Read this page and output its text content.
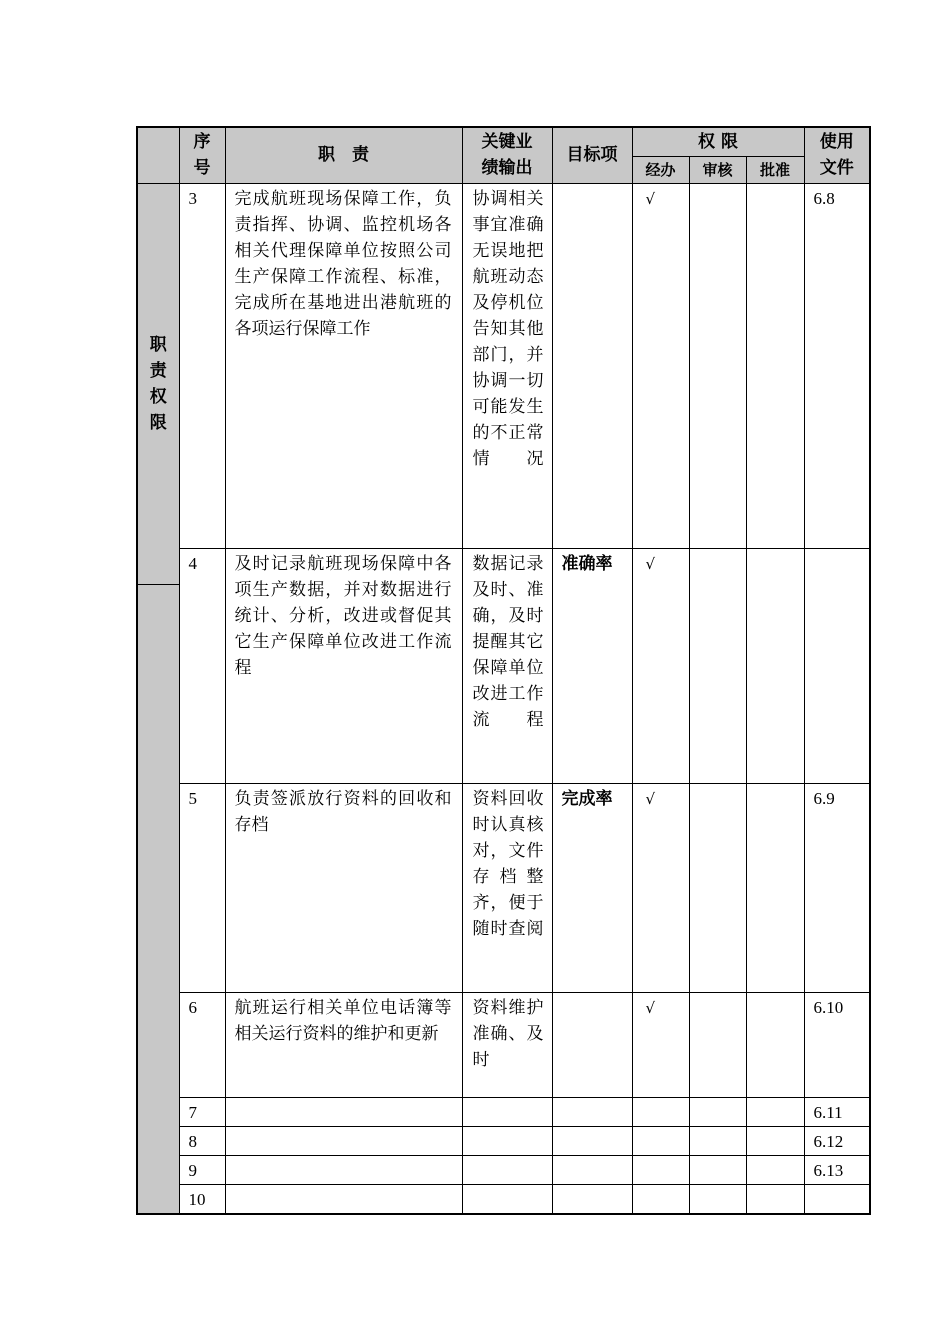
	序号	职　责	关键业绩输出	目标项	权 限			使用文件
					经办	审核	批准	

职责权限	3	完成航班现场保障工作，负责指挥、协调、监控机场各相关代理保障单位按照公司生产保障工作流程、标准，完成所在基地进出港航班的各项运行保障工作	协调相关事宜准确无误地把航班动态及停机位告知其他部门，并协调一切可能发生的不正常情况		√			6.8
	4	及时记录航班现场保障中各项生产数据，并对数据进行统计、分析，改进或督促其它生产保障单位改进工作流程	数据记录及时、准确，及时提醒其它保障单位改进工作流程	准确率	√			
	5	负责签派放行资料的回收和存档	资料回收时认真核对，文件存档整齐，便于随时查阅	完成率	√			6.9
	6	航班运行相关单位电话簿等相关运行资料的维护和更新	资料维护准确、及时		√			6.10
	7							6.11
	8							6.12
	9							6.13
	10							
